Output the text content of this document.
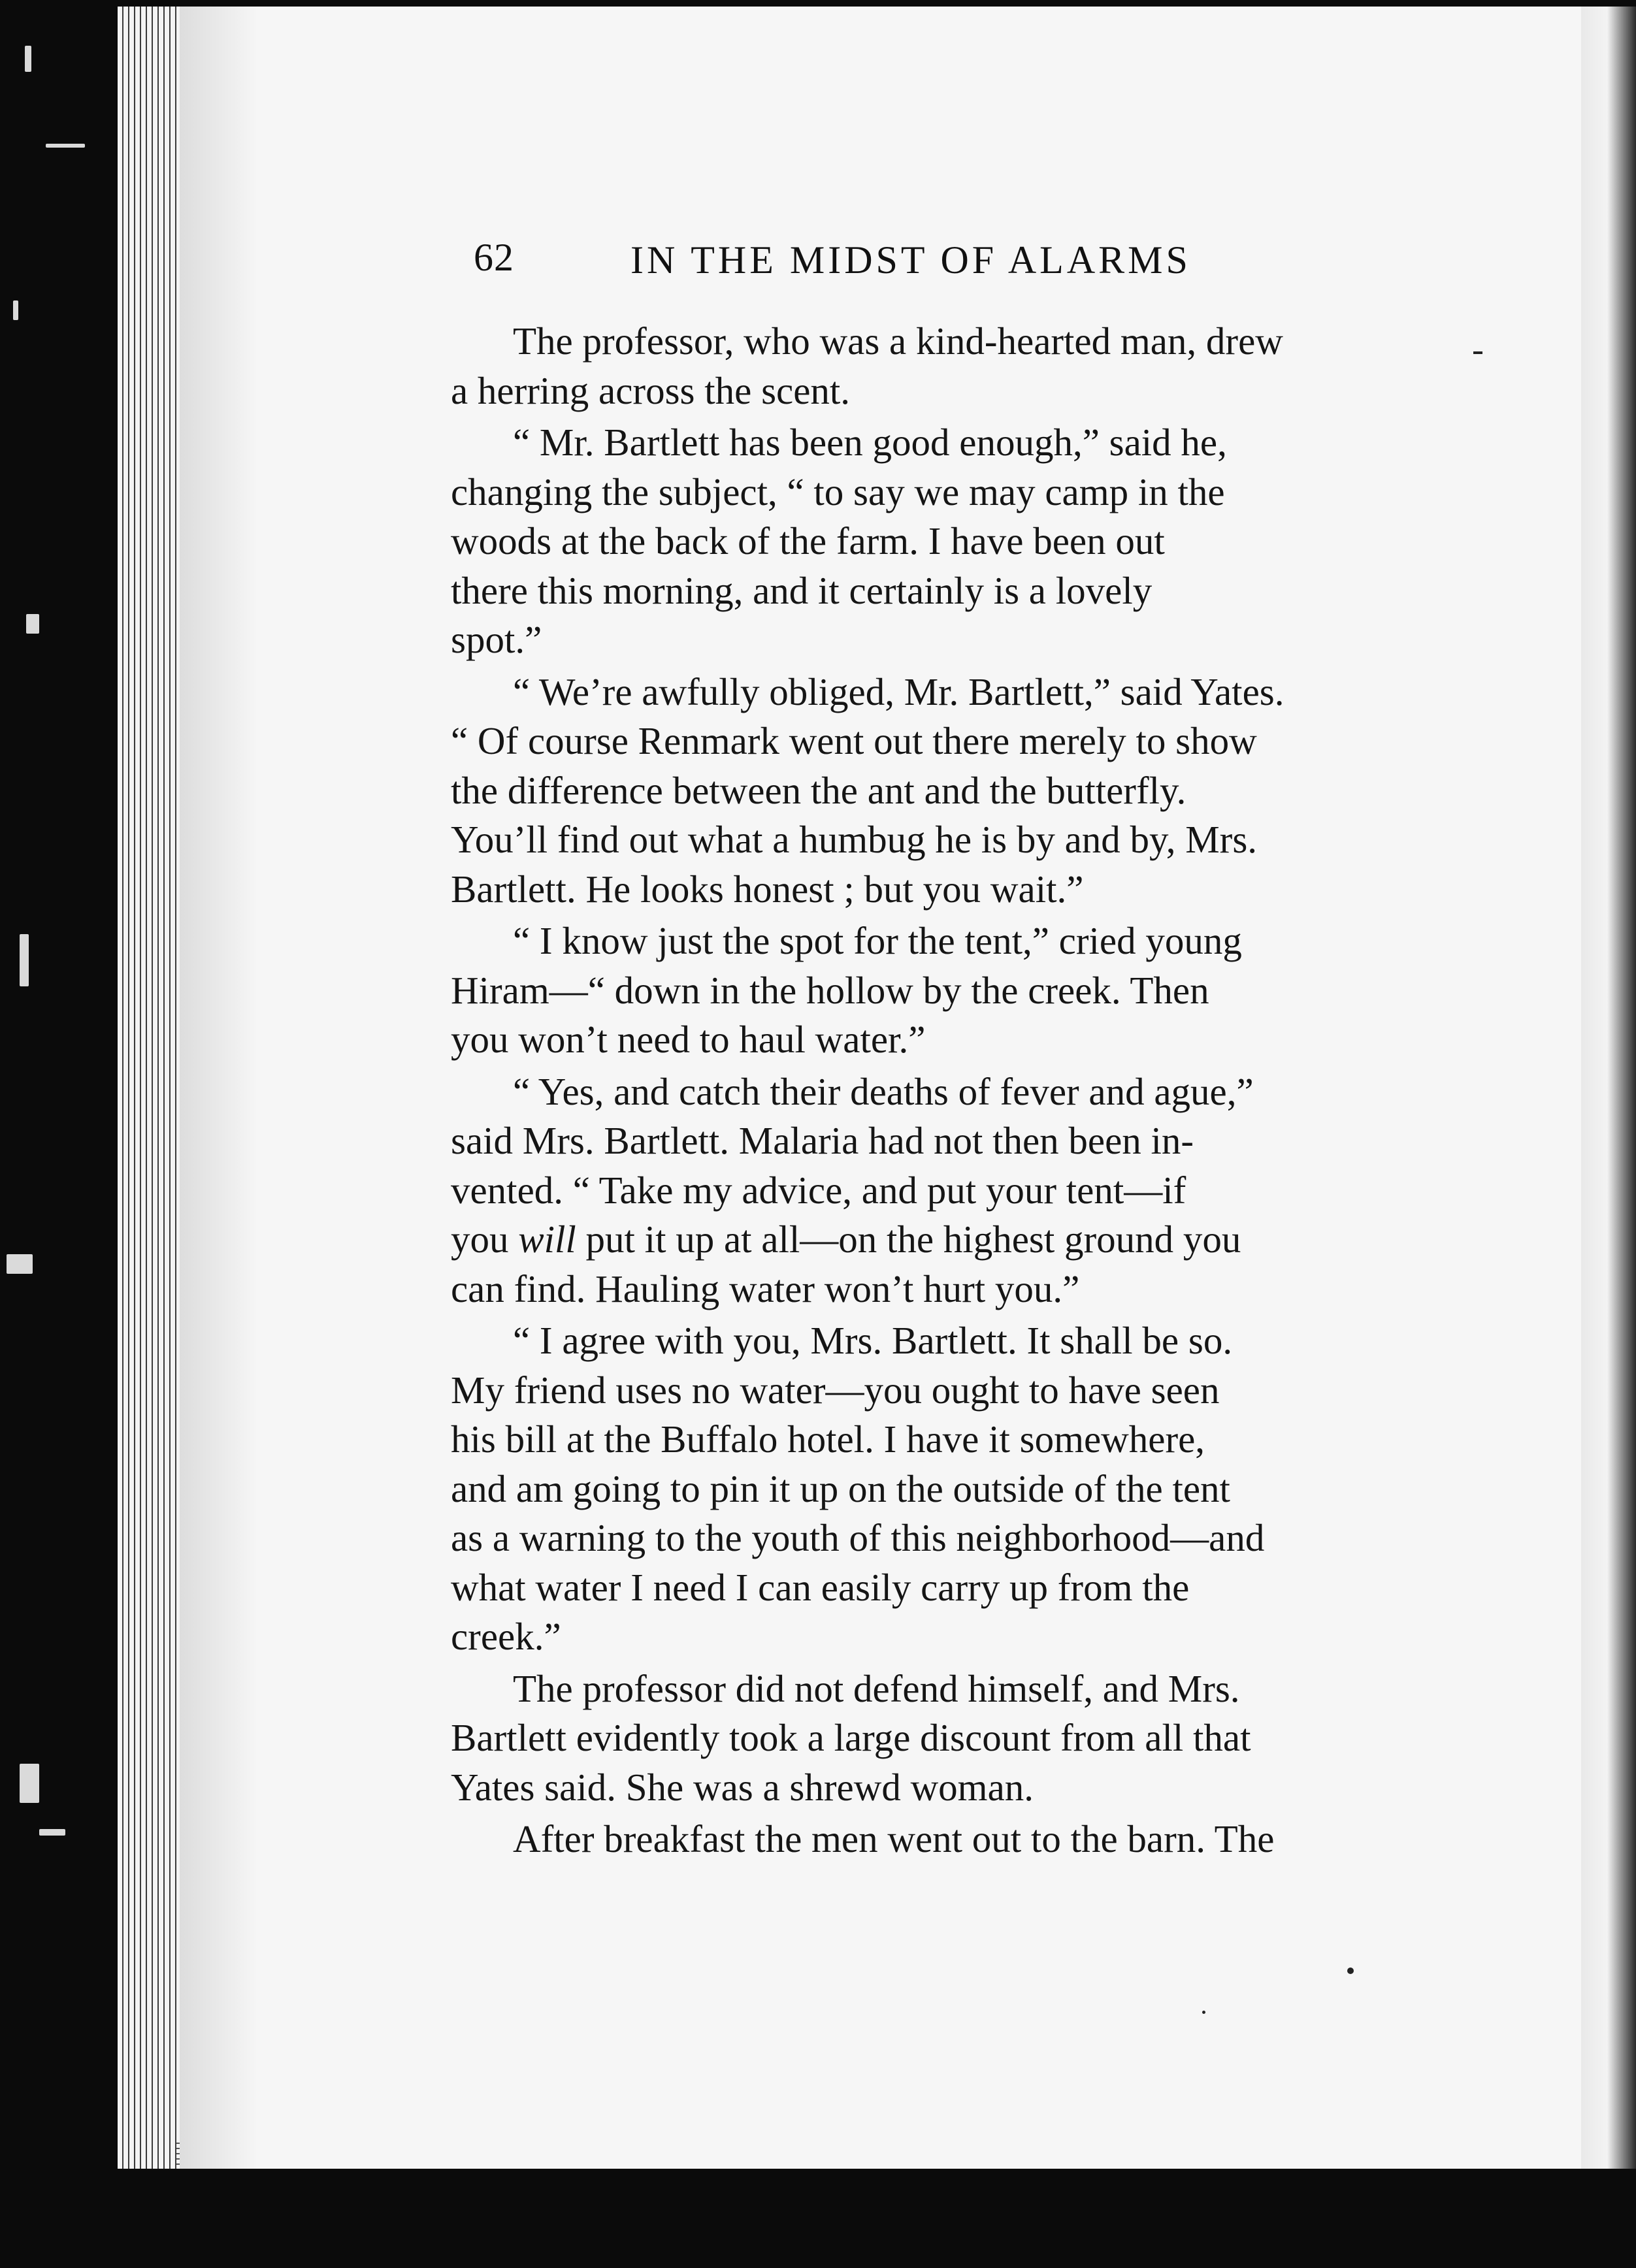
62	IN THE MIDST OF ALARMS
The professor, who was a kind-hearted man, drew
a herring across the scent.
“ Mr. Bartlett has been good enough,” said he,
changing the subject, “ to say we may camp in the
woods at the back of the farm. I have been out
there this morning, and it certainly is a lovely
spot.”
“ We’re awfully obliged, Mr. Bartlett,” said Yates.
“ Of course Renmark went out there merely to show
the difference between the ant and the butterfly.
You’ll find out what a humbug he is by and by, Mrs.
Bartlett. He looks honest ; but you wait.”
“ I know just the spot for the tent,” cried young
Hiram—“ down in the hollow by the creek. Then
you won’t need to haul water.”
“ Yes, and catch their deaths of fever and ague,”
said Mrs. Bartlett. Malaria had not then been in-
vented. “ Take my advice, and put your tent—if
you will put it up at all—on the highest ground you
can find. Hauling water won’t hurt you.”
“ I agree with you, Mrs. Bartlett. It shall be so.
My friend uses no water—you ought to have seen
his bill at the Buffalo hotel. I have it somewhere,
and am going to pin it up on the outside of the tent
as a warning to the youth of this neighborhood—and
what water I need I can easily carry up from the
creek.”
The professor did not defend himself, and Mrs.
Bartlett evidently took a large discount from all that
Yates said. She was a shrewd woman.
After breakfast the men went out to the barn. The
